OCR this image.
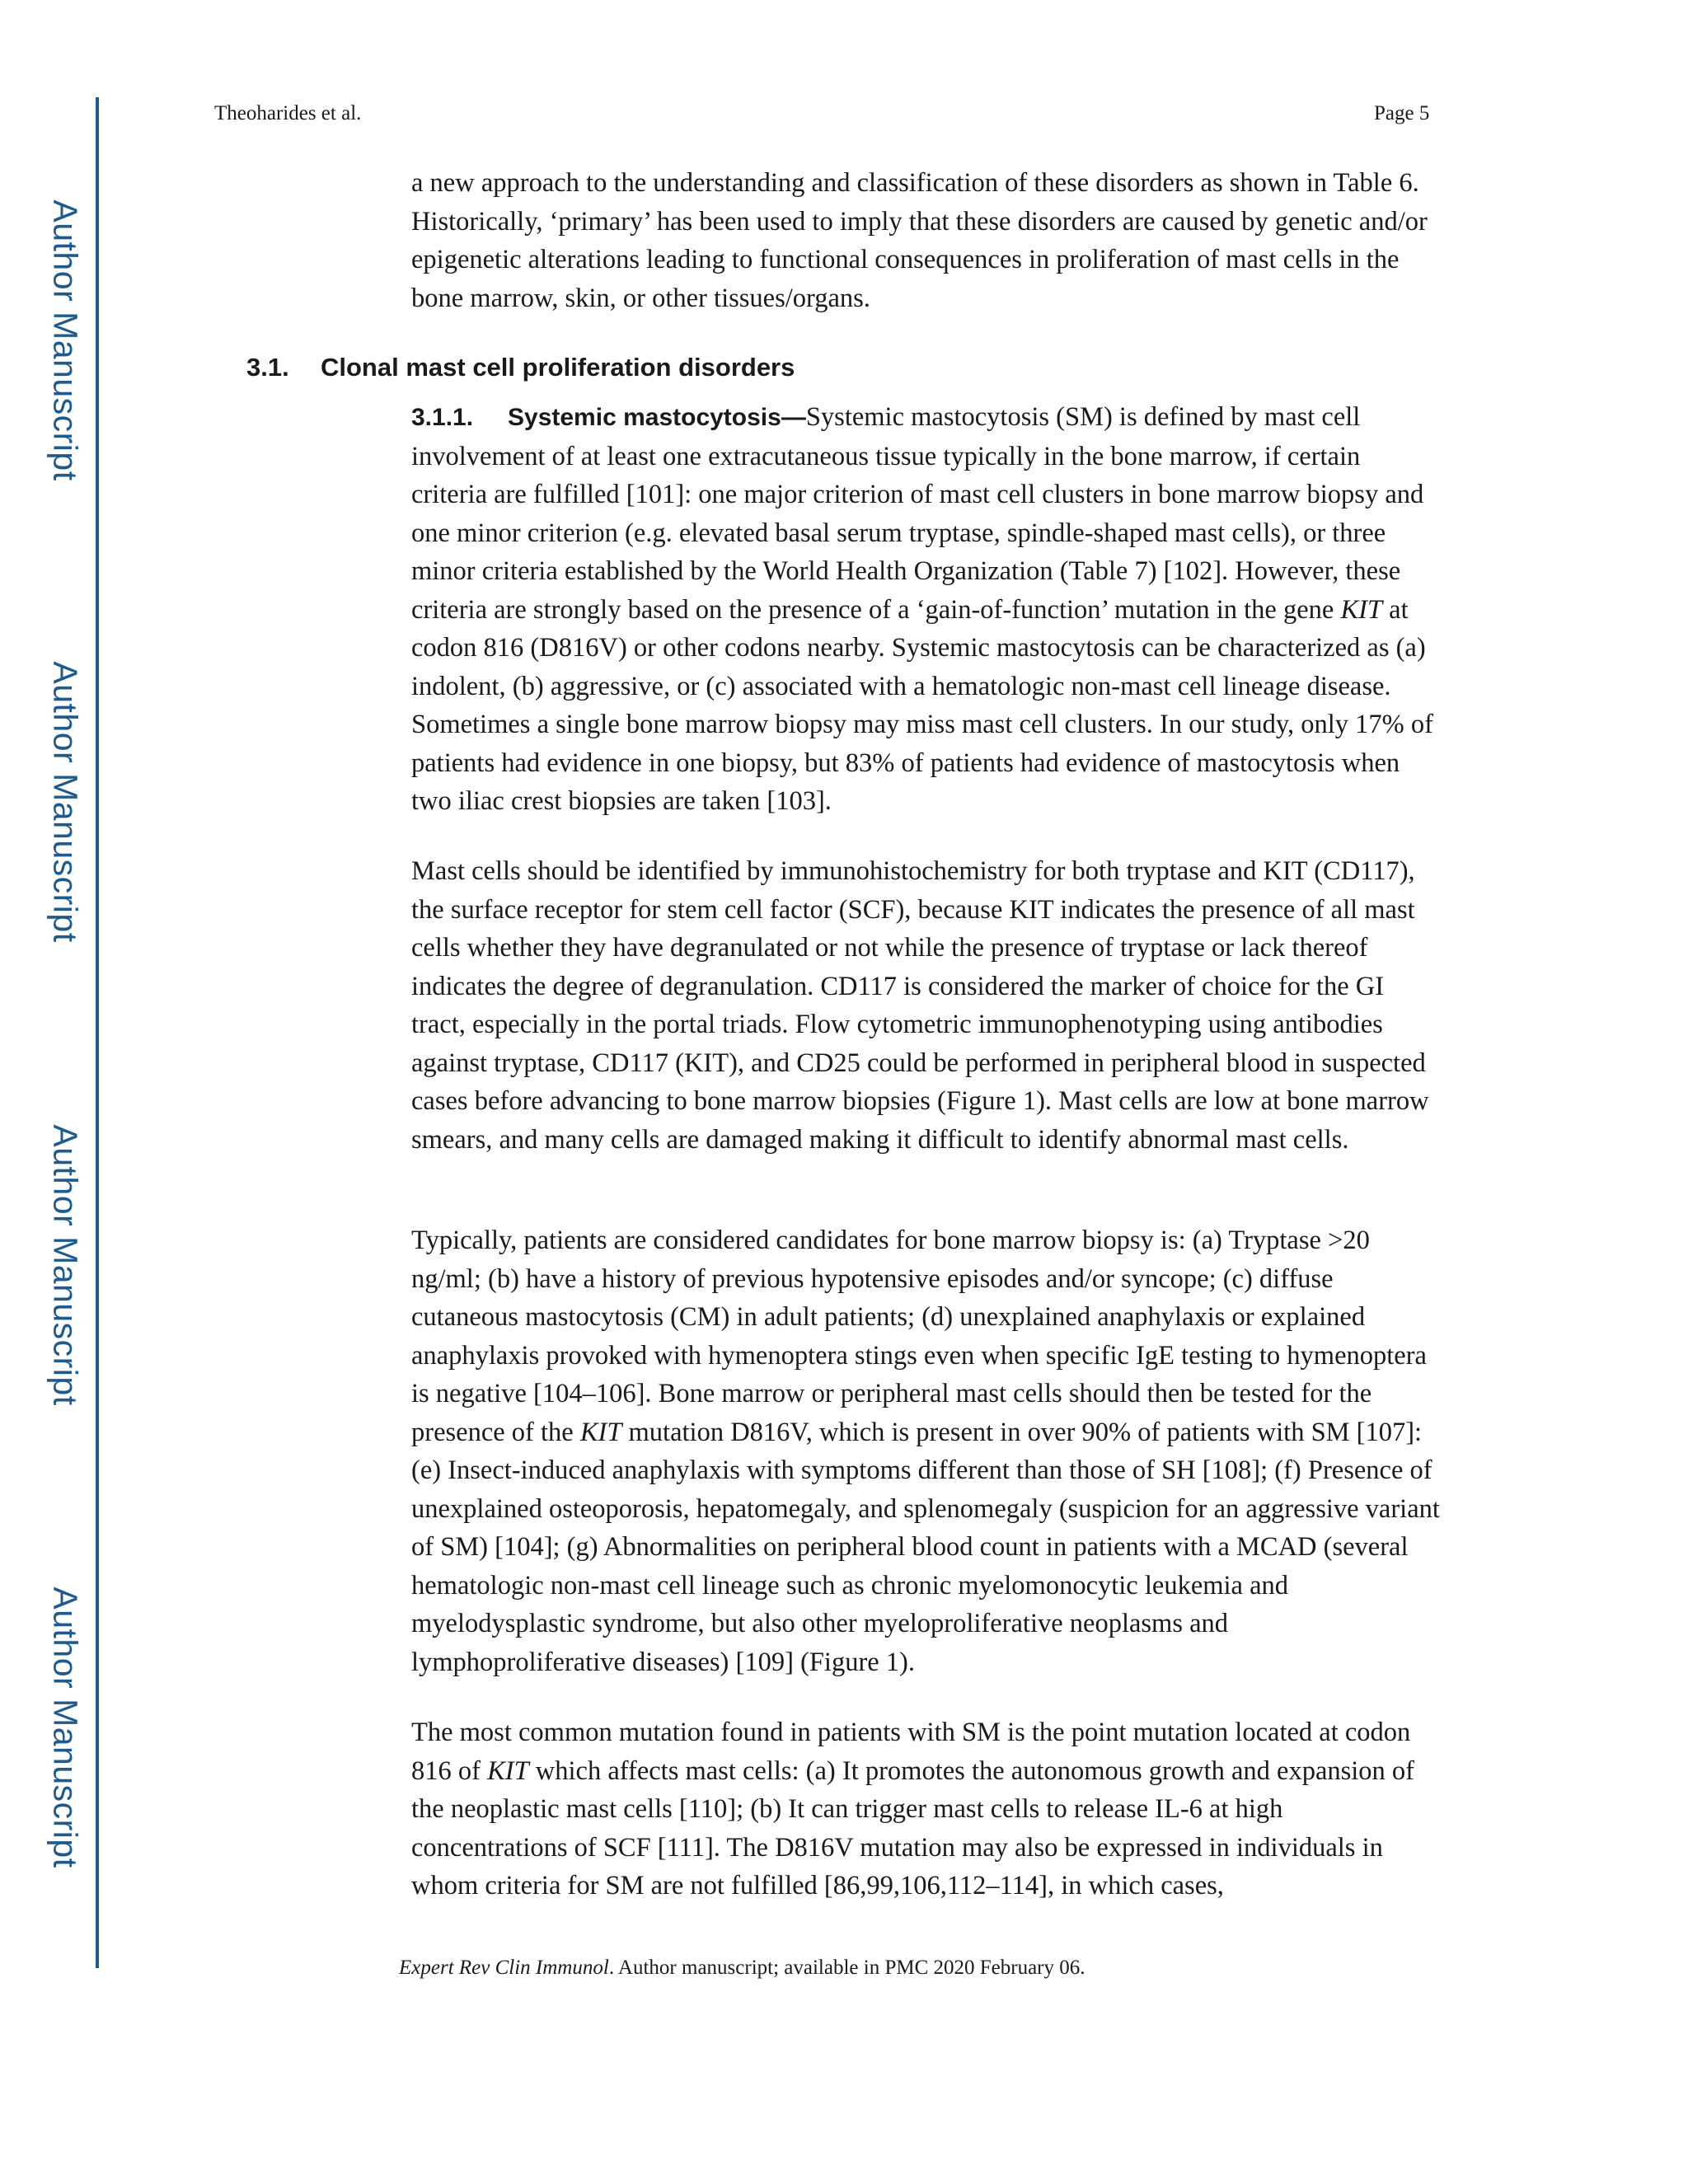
Author Manuscript
Author Manuscript
Author Manuscript
Author Manuscript
Theoharides et al.	Page 5
a new approach to the understanding and classification of these disorders as shown in Table 6. Historically, ‘primary’ has been used to imply that these disorders are caused by genetic and/or epigenetic alterations leading to functional consequences in proliferation of mast cells in the bone marrow, skin, or other tissues/organs.
3.1. Clonal mast cell proliferation disorders
3.1.1. Systemic mastocytosis—Systemic mastocytosis (SM) is defined by mast cell involvement of at least one extracutaneous tissue typically in the bone marrow, if certain criteria are fulfilled [101]: one major criterion of mast cell clusters in bone marrow biopsy and one minor criterion (e.g. elevated basal serum tryptase, spindle-shaped mast cells), or three minor criteria established by the World Health Organization (Table 7) [102]. However, these criteria are strongly based on the presence of a ‘gain-of-function’ mutation in the gene KIT at codon 816 (D816V) or other codons nearby. Systemic mastocytosis can be characterized as (a) indolent, (b) aggressive, or (c) associated with a hematologic non-mast cell lineage disease. Sometimes a single bone marrow biopsy may miss mast cell clusters. In our study, only 17% of patients had evidence in one biopsy, but 83% of patients had evidence of mastocytosis when two iliac crest biopsies are taken [103].
Mast cells should be identified by immunohistochemistry for both tryptase and KIT (CD117), the surface receptor for stem cell factor (SCF), because KIT indicates the presence of all mast cells whether they have degranulated or not while the presence of tryptase or lack thereof indicates the degree of degranulation. CD117 is considered the marker of choice for the GI tract, especially in the portal triads. Flow cytometric immunophenotyping using antibodies against tryptase, CD117 (KIT), and CD25 could be performed in peripheral blood in suspected cases before advancing to bone marrow biopsies (Figure 1). Mast cells are low at bone marrow smears, and many cells are damaged making it difficult to identify abnormal mast cells.
Typically, patients are considered candidates for bone marrow biopsy is: (a) Tryptase >20 ng/ml; (b) have a history of previous hypotensive episodes and/or syncope; (c) diffuse cutaneous mastocytosis (CM) in adult patients; (d) unexplained anaphylaxis or explained anaphylaxis provoked with hymenoptera stings even when specific IgE testing to hymenoptera is negative [104–106]. Bone marrow or peripheral mast cells should then be tested for the presence of the KIT mutation D816V, which is present in over 90% of patients with SM [107]: (e) Insect-induced anaphylaxis with symptoms different than those of SH [108]; (f) Presence of unexplained osteoporosis, hepatomegaly, and splenomegaly (suspicion for an aggressive variant of SM) [104]; (g) Abnormalities on peripheral blood count in patients with a MCAD (several hematologic non-mast cell lineage such as chronic myelomonocytic leukemia and myelodysplastic syndrome, but also other myeloproliferative neoplasms and lymphoproliferative diseases) [109] (Figure 1).
The most common mutation found in patients with SM is the point mutation located at codon 816 of KIT which affects mast cells: (a) It promotes the autonomous growth and expansion of the neoplastic mast cells [110]; (b) It can trigger mast cells to release IL-6 at high concentrations of SCF [111]. The D816V mutation may also be expressed in individuals in whom criteria for SM are not fulfilled [86,99,106,112–114], in which cases,
Expert Rev Clin Immunol. Author manuscript; available in PMC 2020 February 06.
